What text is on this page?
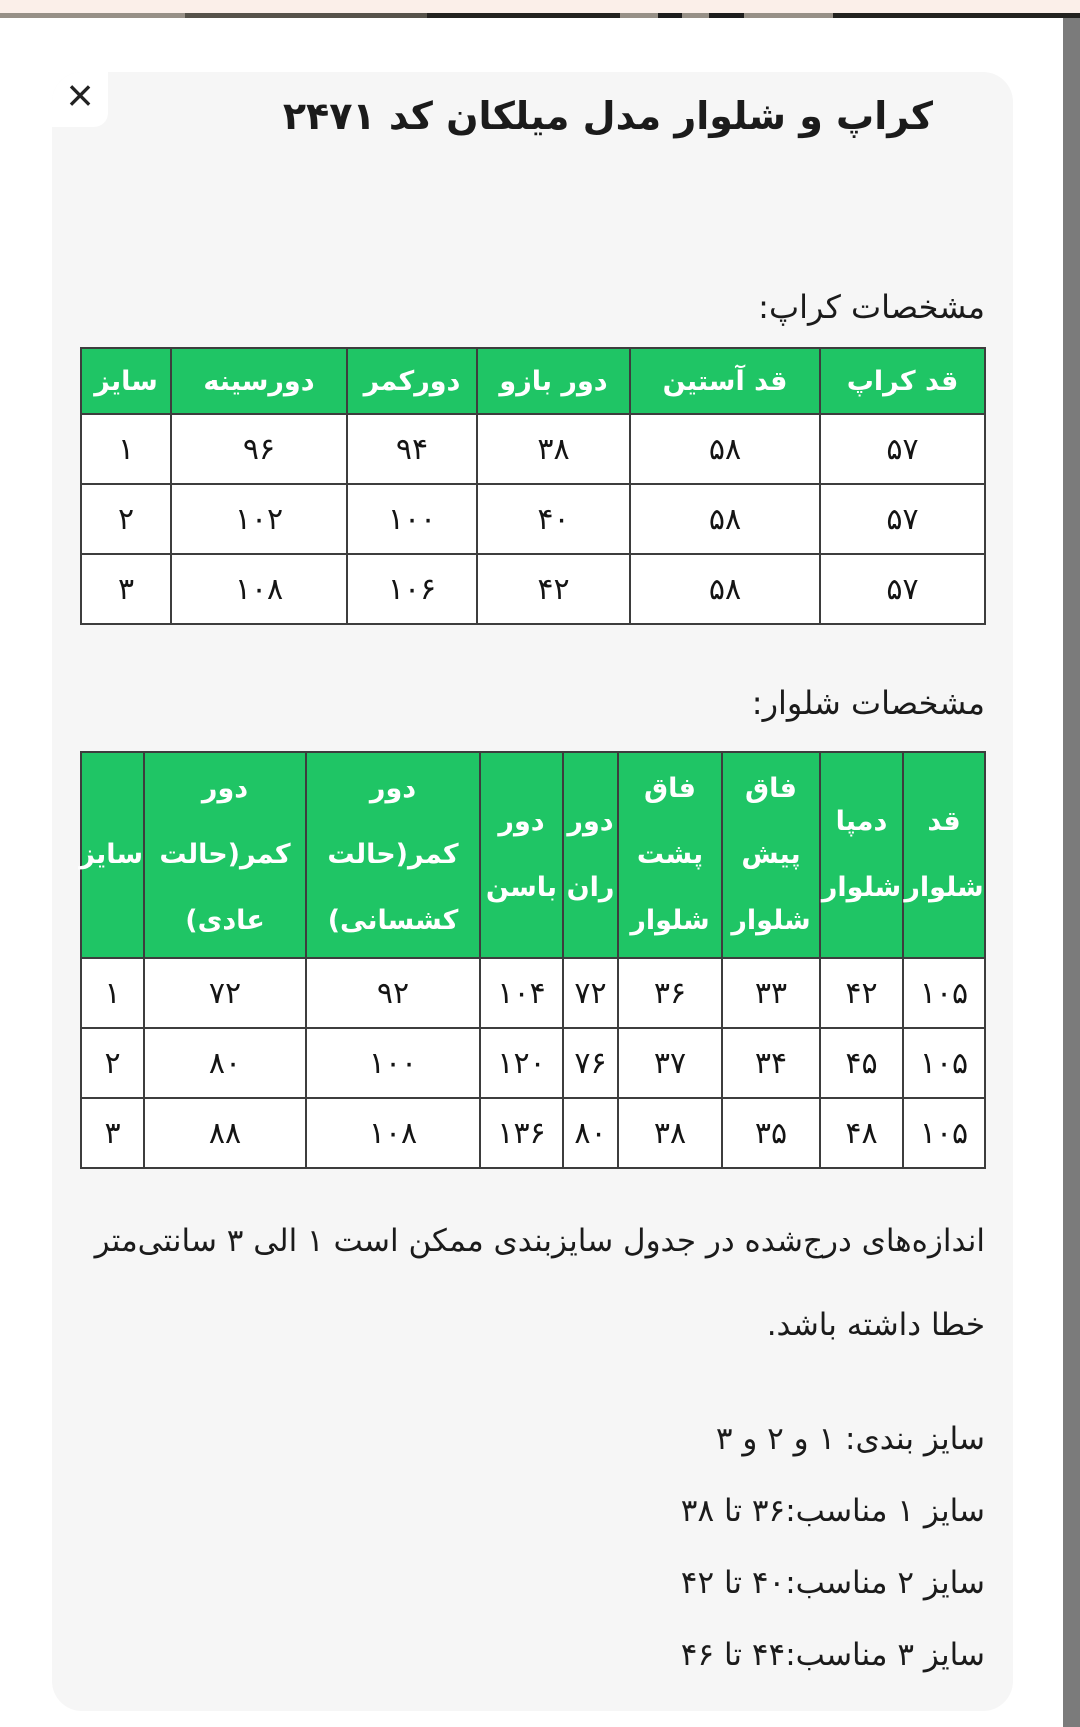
×	کراپ و شلوار مدل میلکان کد ۲۴۷۱

مشخصات کراپ:

قد کراپ	قد آستین	دور بازو	دورکمر	دورسینه	سایز
۵۷	۵۸	۳۸	۹۴	۹۶	۱
۵۷	۵۸	۴۰	۱۰۰	۱۰۲	۲
۵۷	۵۸	۴۲	۱۰۶	۱۰۸	۳

مشخصات شلوار:

قد شلوار	دمپا شلوار	فاق پیش شلوار	فاق پشت شلوار	دور ران	دور باسن	دور کمر(حالت کشسانی)	دور کمر(حالت عادی)	سایز
۱۰۵	۴۲	۳۳	۳۶	۷۲	۱۰۴	۹۲	۷۲	۱
۱۰۵	۴۵	۳۴	۳۷	۷۶	۱۲۰	۱۰۰	۸۰	۲
۱۰۵	۴۸	۳۵	۳۸	۸۰	۱۳۶	۱۰۸	۸۸	۳

اندازه‌های درج‌شده در جدول سایزبندی ممکن است ۱ الی ۳ سانتی‌متر خطا داشته باشد.

سایز بندی: ۱ و ۲ و ۳

سایز ۱ مناسب:۳۶ تا ۳۸

سایز ۲ مناسب:۴۰ تا ۴۲

سایز ۳ مناسب:۴۴ تا ۴۶
